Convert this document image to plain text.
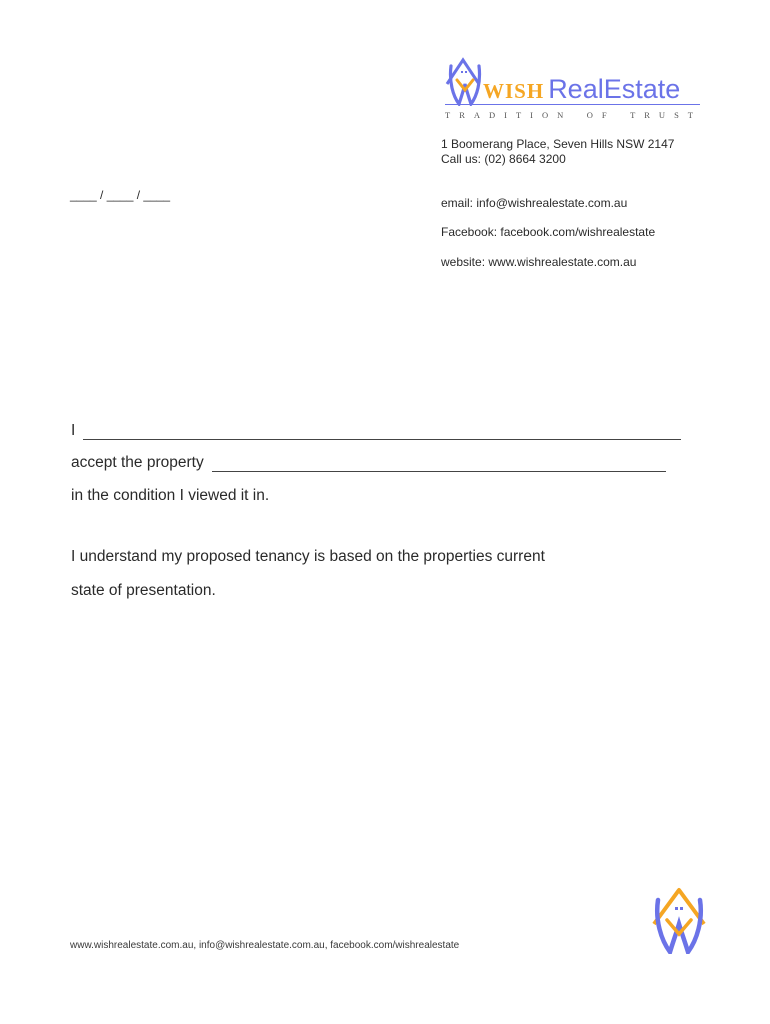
WISH RealEstate
TRADITION OF TRUST
1 Boomerang Place, Seven Hills NSW 2147
Call us: (02) 8664 3200
email: info@wishrealestate.com.au
Facebook: facebook.com/wishrealestate
website: www.wishrealestate.com.au
____ / ____ / ____
I
accept the property
in the condition I viewed it in.
I understand my proposed tenancy is based on the properties current
state of presentation.
www.wishrealestate.com.au, info@wishrealestate.com.au, facebook.com/wishrealestate
